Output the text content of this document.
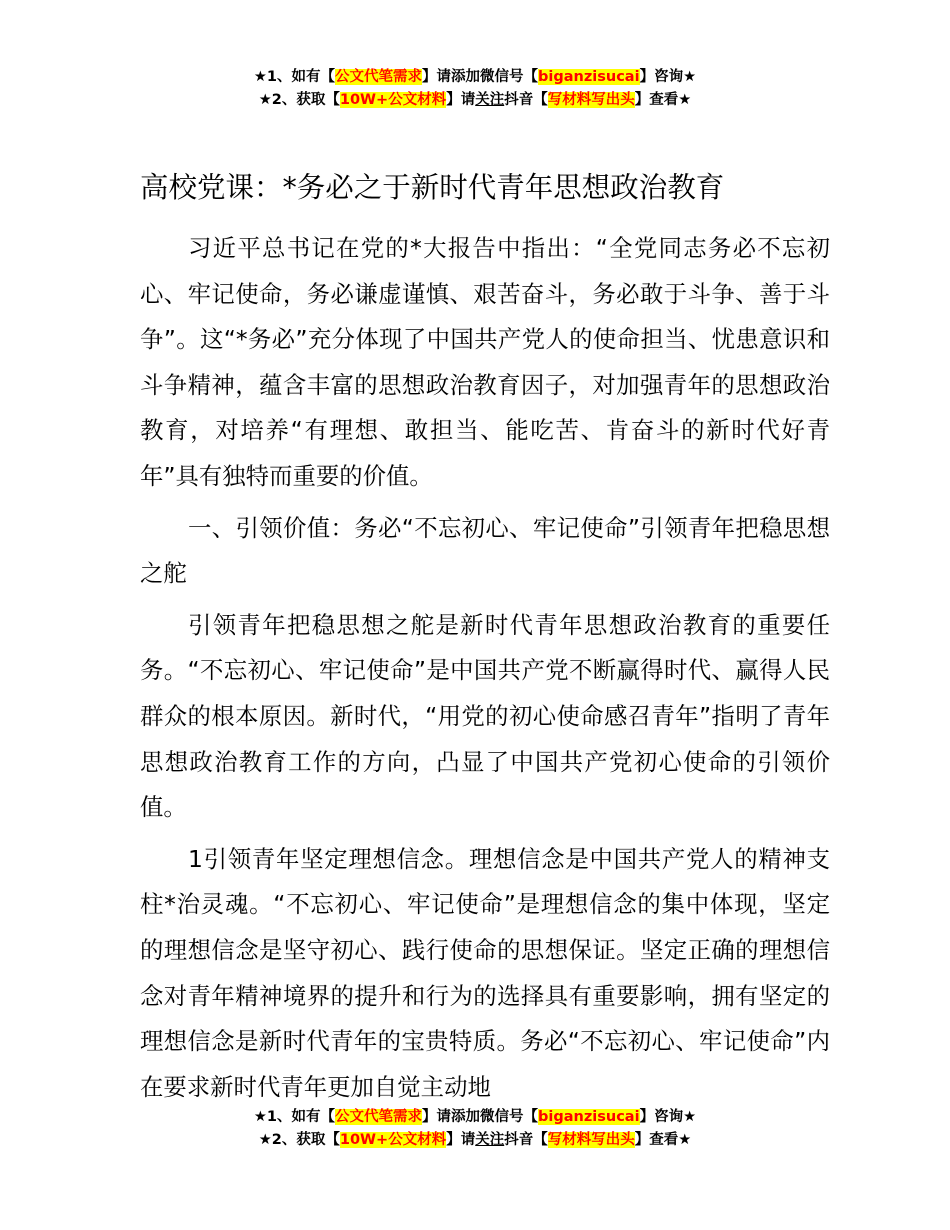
★1、如有【公文代笔需求】请添加微信号【biganzisucai】咨询★
★2、获取【10W+公文材料】请关注抖音【写材料写出头】查看★
高校党课：*务必之于新时代青年思想政治教育

习近平总书记在党的*大报告中指出：“全党同志务必不忘初心、牢记使命，务必谦虚谨慎、艰苦奋斗，务必敢于斗争、善于斗争”。这“*务必”充分体现了中国共产党人的使命担当、忧患意识和斗争精神，蕴含丰富的思想政治教育因子，对加强青年的思想政治教育，对培养“有理想、敢担当、能吃苦、肯奋斗的新时代好青年”具有独特而重要的价值。

一、引领价值：务必“不忘初心、牢记使命”引领青年把稳思想之舵

引领青年把稳思想之舵是新时代青年思想政治教育的重要任务。“不忘初心、牢记使命”是中国共产党不断赢得时代、赢得人民群众的根本原因。新时代，“用党的初心使命感召青年”指明了青年思想政治教育工作的方向，凸显了中国共产党初心使命的引领价值。

1引领青年坚定理想信念。理想信念是中国共产党人的精神支柱*治灵魂。“不忘初心、牢记使命”是理想信念的集中体现，坚定的理想信念是坚守初心、践行使命的思想保证。坚定正确的理想信念对青年精神境界的提升和行为的选择具有重要影响，拥有坚定的理想信念是新时代青年的宝贵特质。务必“不忘初心、牢记使命”内在要求新时代青年更加自觉主动地

★1、如有【公文代笔需求】请添加微信号【biganzisucai】咨询★
★2、获取【10W+公文材料】请关注抖音【写材料写出头】查看★
